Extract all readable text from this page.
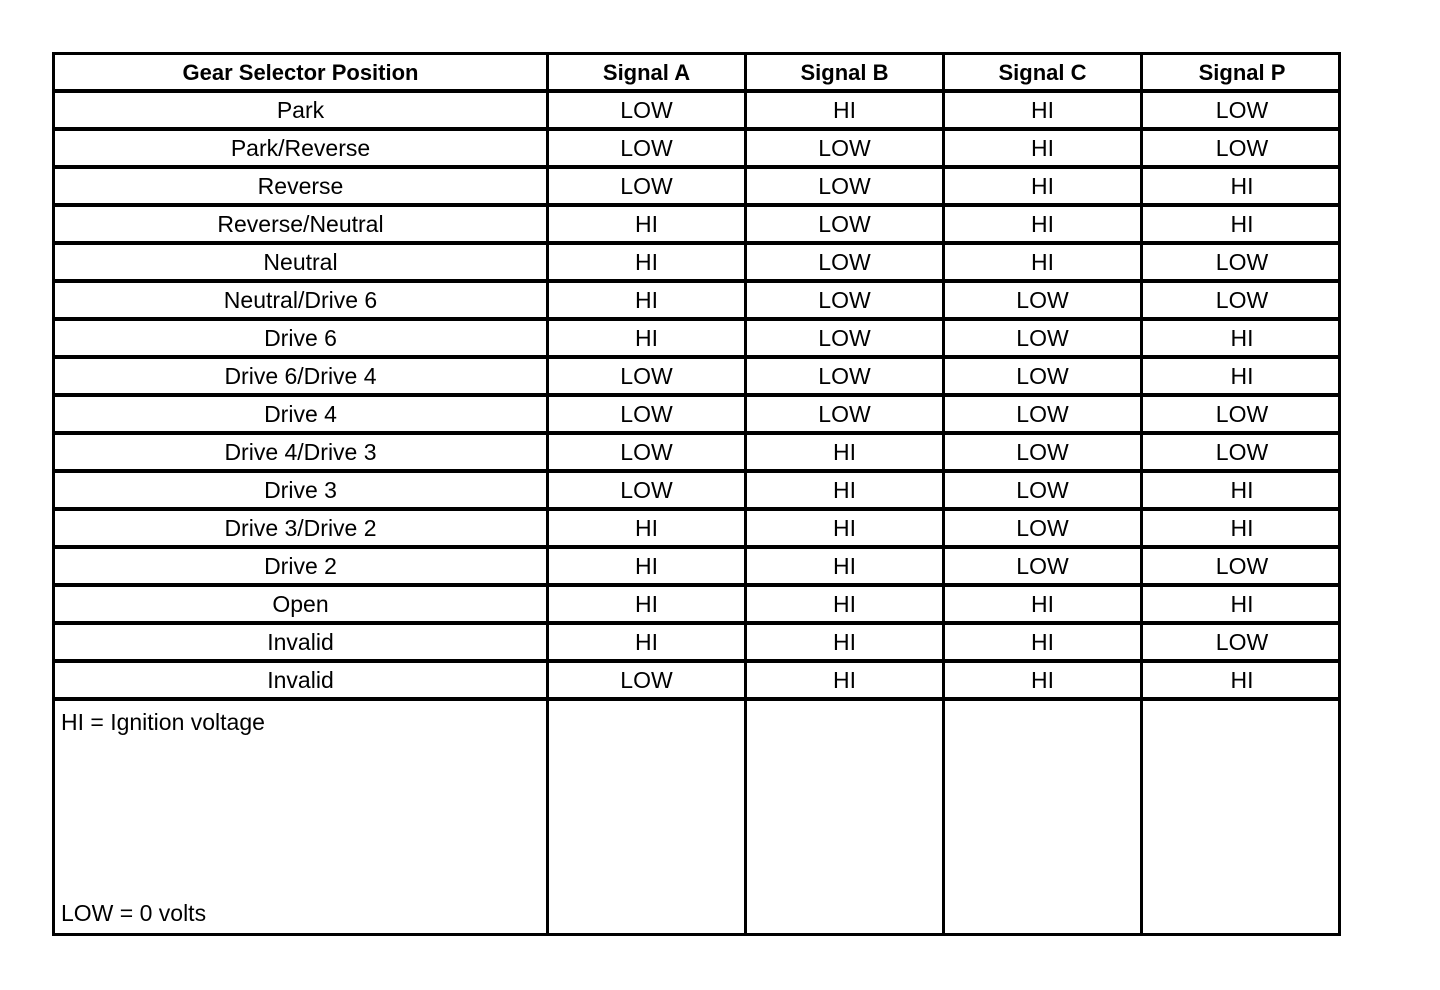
Gear Selector Position	Signal A	Signal B	Signal C	Signal P
Park	LOW	HI	HI	LOW
Park/Reverse	LOW	LOW	HI	LOW
Reverse	LOW	LOW	HI	HI
Reverse/Neutral	HI	LOW	HI	HI
Neutral	HI	LOW	HI	LOW
Neutral/Drive 6	HI	LOW	LOW	LOW
Drive 6	HI	LOW	LOW	HI
Drive 6/Drive 4	LOW	LOW	LOW	HI
Drive 4	LOW	LOW	LOW	LOW
Drive 4/Drive 3	LOW	HI	LOW	LOW
Drive 3	LOW	HI	LOW	HI
Drive 3/Drive 2	HI	HI	LOW	HI
Drive 2	HI	HI	LOW	LOW
Open	HI	HI	HI	HI
Invalid	HI	HI	HI	LOW
Invalid	LOW	HI	HI	HI

HI = Ignition voltage
LOW = 0 volts				
